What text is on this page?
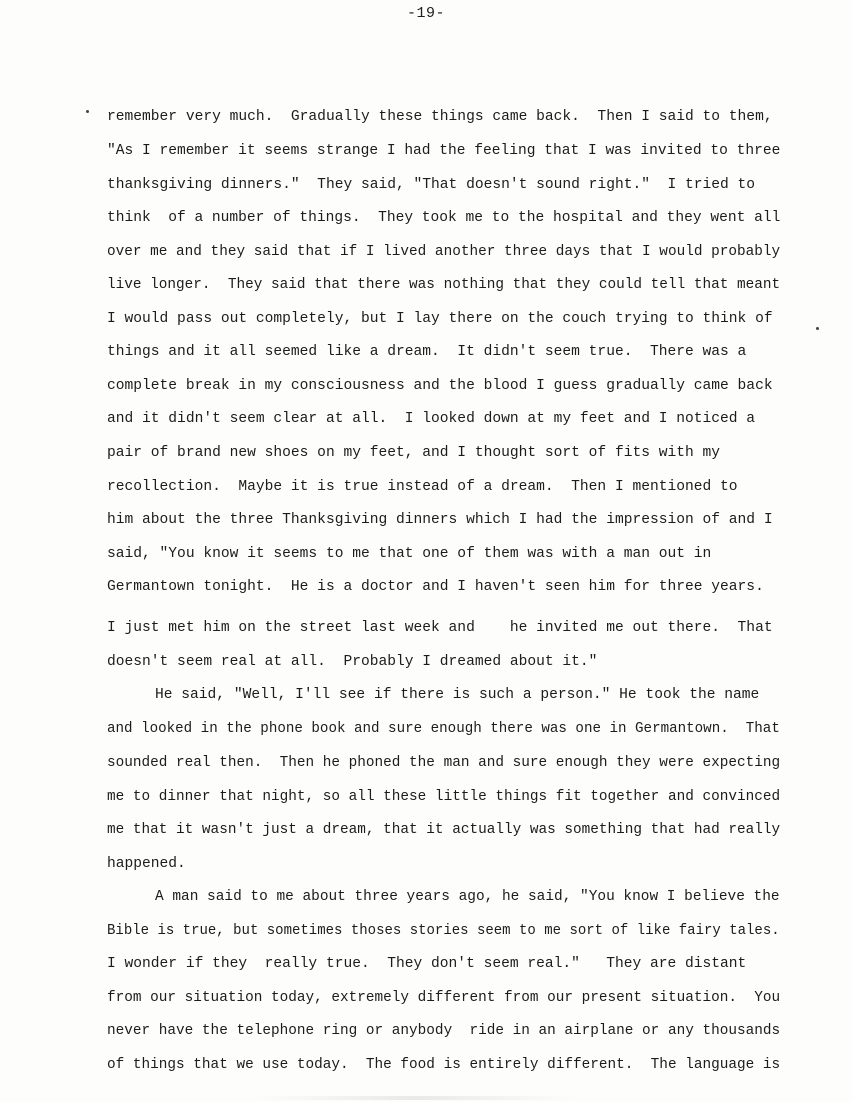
-19-
remember very much.  Gradually these things came back.  Then I said to them,
"As I remember it seems strange I had the feeling that I was invited to three
thanksgiving dinners."  They said, "That doesn't sound right."  I tried to
think  of a number of things.  They took me to the hospital and they went all
over me and they said that if I lived another three days that I would probably
live longer.  They said that there was nothing that they could tell that meant
I would pass out completely, but I lay there on the couch trying to think of
things and it all seemed like a dream.  It didn't seem true.  There was a
complete break in my consciousness and the blood I guess gradually came back
and it didn't seem clear at all.  I looked down at my feet and I noticed a
pair of brand new shoes on my feet, and I thought sort of fits with my
recollection.  Maybe it is true instead of a dream.  Then I mentioned to
him about the three Thanksgiving dinners which I had the impression of and I
said, "You know it seems to me that one of them was with a man out in
Germantown tonight.  He is a doctor and I haven't seen him for three years.
I just met him on the street last week and    he invited me out there.  That
doesn't seem real at all.  Probably I dreamed about it."
He said, "Well, I'll see if there is such a person." He took the name
and looked in the phone book and sure enough there was one in Germantown.  That
sounded real then.  Then he phoned the man and sure enough they were expecting
me to dinner that night, so all these little things fit together and convinced
me that it wasn't just a dream, that it actually was something that had really
happened.
A man said to me about three years ago, he said, "You know I believe the
Bible is true, but sometimes thoses stories seem to me sort of like fairy tales.
I wonder if they  really true.  They don't seem real."   They are distant
from our situation today, extremely different from our present situation.  You
never have the telephone ring or anybody  ride in an airplane or any thousands
of things that we use today.  The food is entirely different.  The language is
